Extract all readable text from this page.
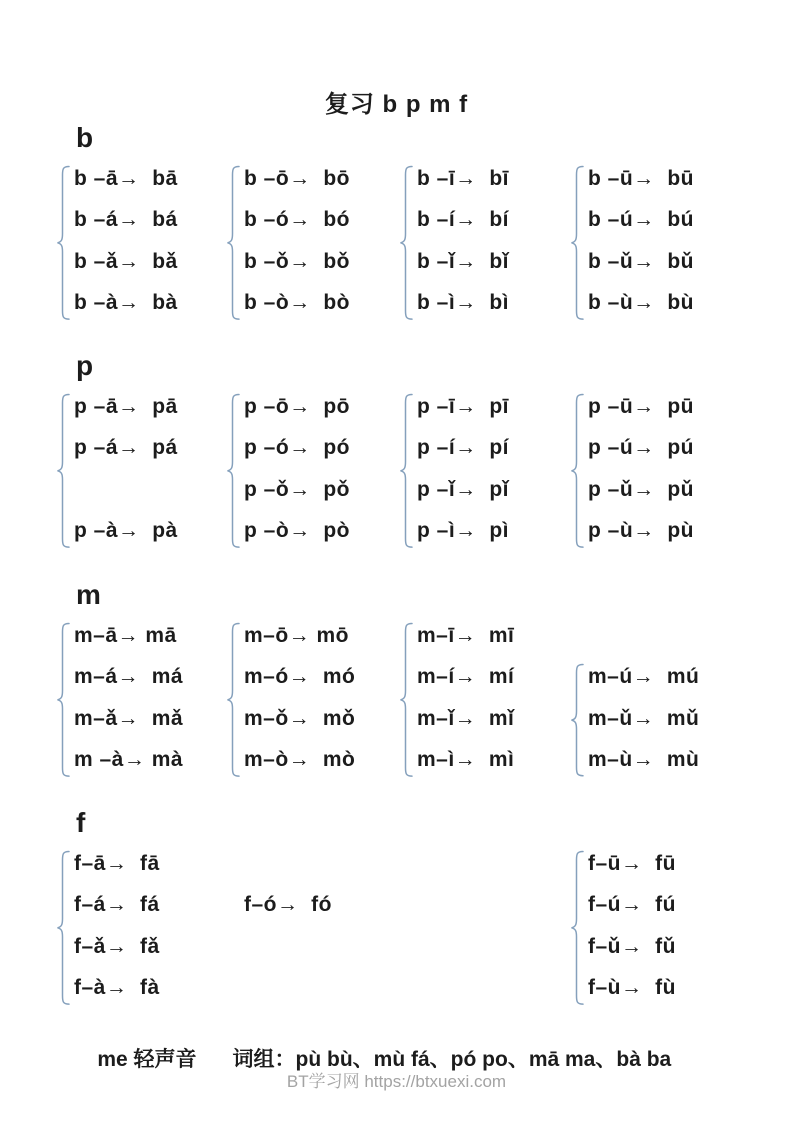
复习 b p m f
b
b –ā→  bā
b –á→  bá
b –ǎ→  bǎ
b –à→  bà
b –ō→  bō
b –ó→  bó
b –ǒ→  bǒ
b –ò→  bò
b –ī→  bī
b –í→  bí
b –ǐ→  bǐ
b –ì→  bì
b –ū→  bū
b –ú→  bú
b –ǔ→  bǔ
b –ù→  bù
p
p –ā→  pā
p –á→  pá
p –à→  pà
p –ō→  pō
p –ó→  pó
p –ǒ→  pǒ
p –ò→  pò
p –ī→  pī
p –í→  pí
p –ǐ→  pǐ
p –ì→  pì
p –ū→  pū
p –ú→  pú
p –ǔ→  pǔ
p –ù→  pù
m
m–ā→ mā
m–á→  má
m–ǎ→  mǎ
m –à→ mà
m–ō→ mō
m–ó→  mó
m–ǒ→  mǒ
m–ò→  mò
m–ī→  mī
m–í→  mí
m–ǐ→  mǐ
m–ì→  mì
m–ú→  mú
m–ǔ→  mǔ
m–ù→  mù
f
f–ā→  fā
f–á→  fá
f–ǎ→  fǎ
f–à→  fà
f–ó→  fó
f–ū→  fū
f–ú→  fú
f–ǔ→  fǔ
f–ù→  fù

me 轻声音 词组：pù bù、mù fá、pó po、mā ma、bà ba

BT学习网 https://btxuexi.com
